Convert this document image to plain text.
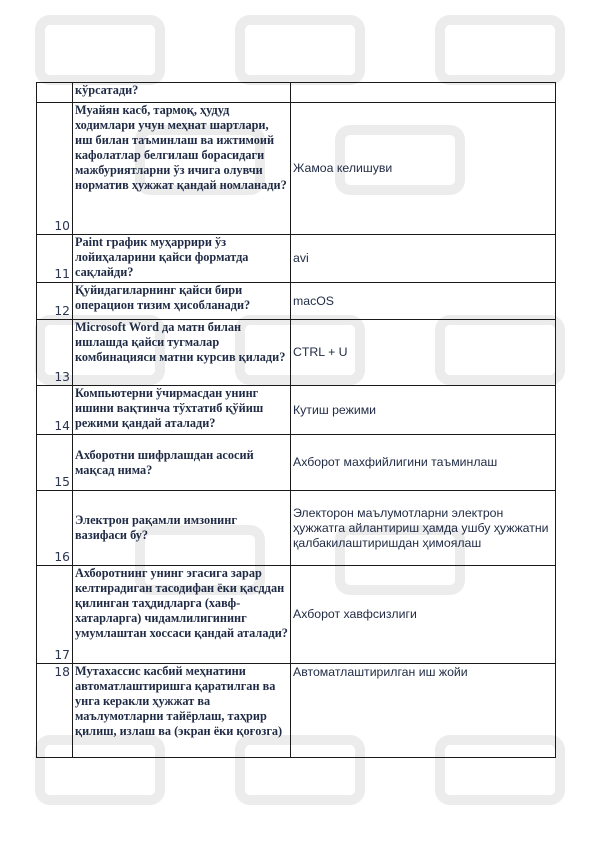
	кўрсатади?	
10	Муайян касб, тармоқ, ҳудуд ходимлари учун меҳнат шартлари, иш билан таъминлаш ва ижтимоий кафолатлар белгилаш борасидаги мажбуриятларни ўз ичига олувчи норматив ҳужжат қандай номланади?	Жамоа келишуви
11	Paint график муҳаррири ўз лойиҳаларини қайси форматда сақлайди?	avi
12	Қуйидагиларнинг қайси бири операцион тизим ҳисобланади?	macOS
13	Microsoft Word да матн билан ишлашда қайси тугмалар комбинацияси матни курсив қилади?	CTRL + U
14	Компьютерни ўчирмасдан унинг ишини вақтинча тўхтатиб қўйиш режими қандай аталади?	Кутиш режими
15	Ахборотни шифрлашдан асосий мақсад нима?	Ахборот махфийлигини таъминлаш
16	Электрон рақамли имзонинг вазифаси бу?	Электорон маълумотларни электрон ҳужжатга айлантириш ҳамда ушбу ҳужжатни қалбакилаштиришдан ҳимоялаш
17	Ахборотнинг унинг эгасига зарар келтирадиган тасодифан ёки қасддан қилинган таҳдидларга (хавф-хатарларга) чидамлилигининг умумлаштан хоссаси қандай аталади?	Ахборот хавфсизлиги
18	Мутахассис касбий меҳнатини автоматлаштиришга қаратилган ва унга керакли ҳужжат ва маълумотларни тайёрлаш, таҳрир қилиш, излаш ва (экран ёки қоғозга)	Автоматлаштирилган иш жойи
